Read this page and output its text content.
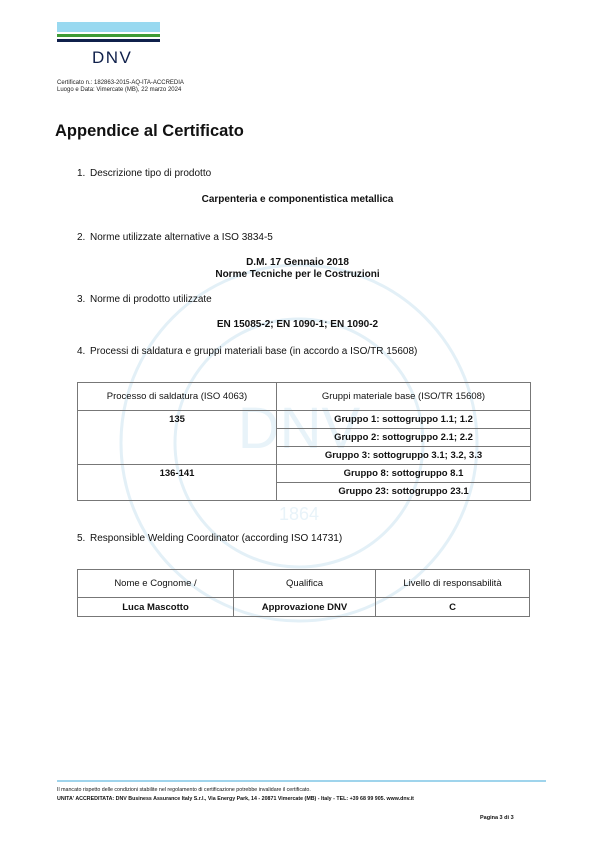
DNV
1864
DNV
Certificato n.: 182863-2015-AQ-ITA-ACCREDIA
Luogo e Data: Vimercate (MB), 22 marzo 2024
Appendice al Certificato
1. Descrizione tipo di prodotto
Carpenteria e componentistica metallica
2. Norme utilizzate alternative a ISO 3834-5
D.M. 17 Gennaio 2018
Norme Tecniche per le Costruzioni
3. Norme di prodotto utilizzate
EN 15085-2; EN 1090-1; EN 1090-2
4. Processi di saldatura e gruppi materiali base (in accordo a ISO/TR 15608)
Processo di saldatura (ISO 4063)	Gruppi materiale base (ISO/TR 15608)
135	Gruppo 1: sottogruppo 1.1; 1.2
	Gruppo 2: sottogruppo 2.1; 2.2
	Gruppo 3: sottogruppo 3.1; 3.2, 3.3
136-141	Gruppo 8: sottogruppo 8.1
	Gruppo 23: sottogruppo 23.1
5. Responsible Welding Coordinator (according ISO 14731)
Nome e Cognome /	Qualifica	Livello di responsabilità
Luca Mascotto	Approvazione DNV	C
Il mancato rispetto delle condizioni stabilite nel regolamento di certificazione potrebbe invalidare il certificato.
UNITA' ACCREDITATA: DNV Business Assurance Italy S.r.l., Via Energy Park, 14 - 20871 Vimercate (MB) - Italy - TEL: +39 68 99 905. www.dnv.it
Pagina 3 di 3
